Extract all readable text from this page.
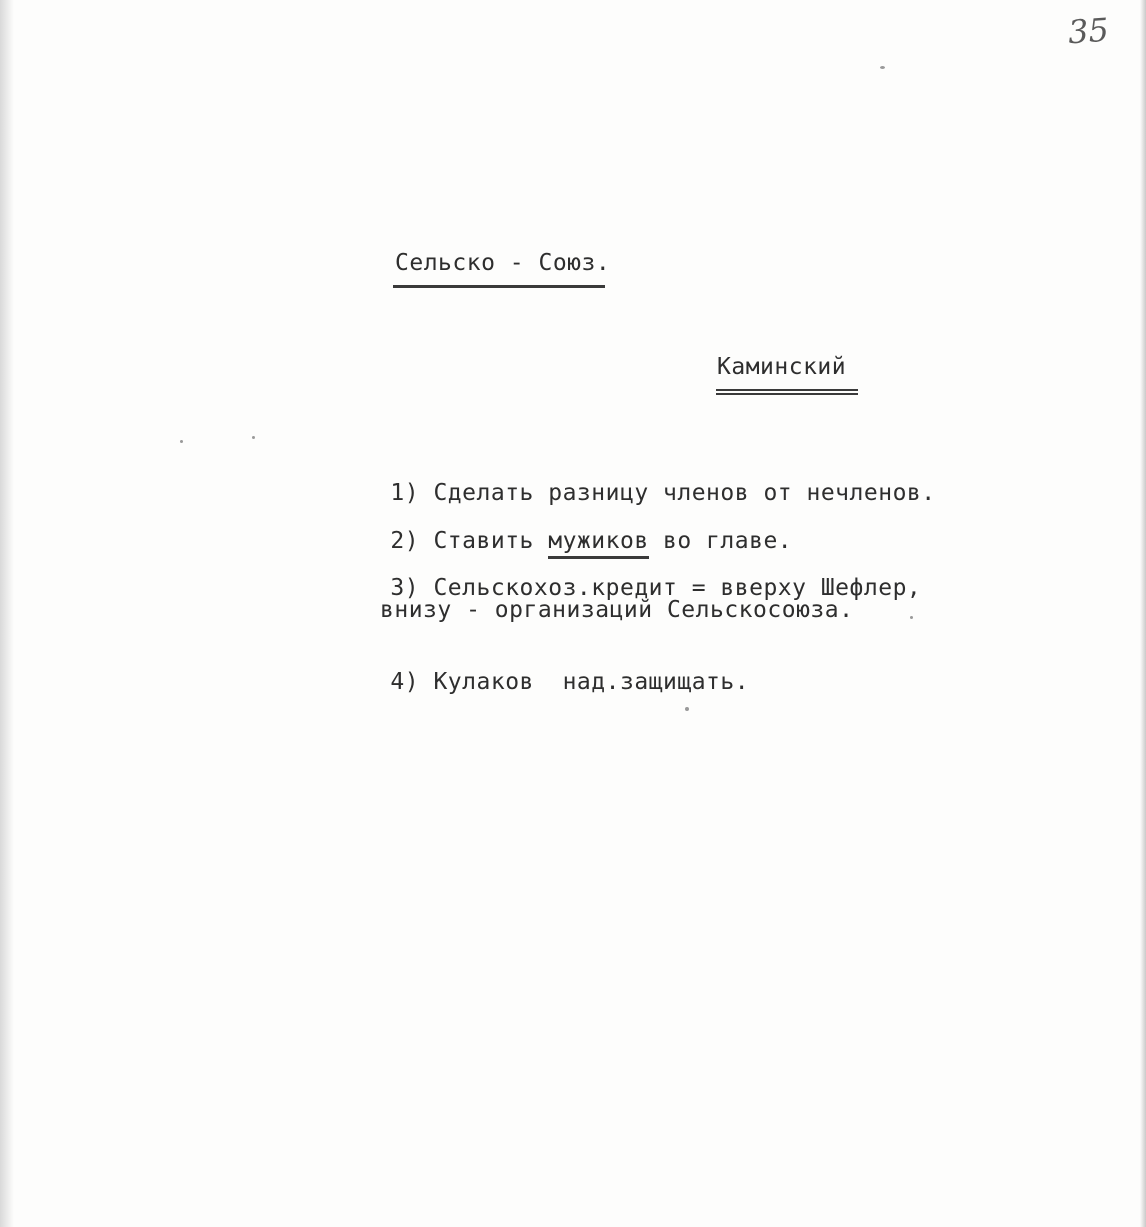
35
Сельско - Союз.
Каминский

1) Сделать разницу членов от нечленов.

2) Ставить мужиков во главе.

3) Сельскохоз.кредит = вверху Шефлер,

внизу - организаций Сельскосоюза.

4) Кулаков  над.защищать.
